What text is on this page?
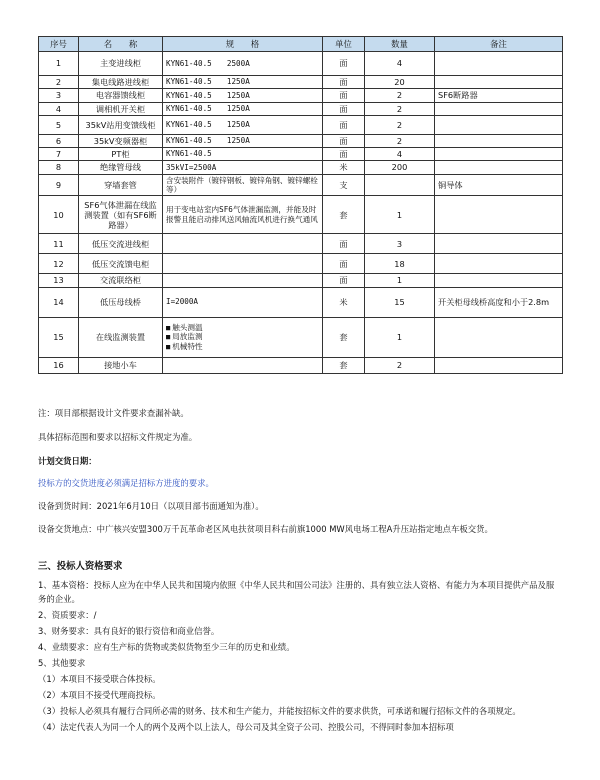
序号	名　　称	规　　格	单位	数量	备注
1	主变进线柜	KYN61-40.5　　2500A	面	4	
2	集电线路进线柜	KYN61-40.5　　1250A	面	20	
3	电容器馈线柜	KYN61-40.5　　1250A	面	2	SF6断路器
4	调相机开关柜	KYN61-40.5　　1250A	面	2	
5	35kV站用变馈线柜	KYN61-40.5　　1250A	面	2	
6	35kV变频器柜	KYN61-40.5　　1250A	面	2	
7	PT柜	KYN61-40.5	面	4	
8	绝缘管母线	35kVI=2500A	米	200	
9	穿墙套管	含安装附件（镀锌钢板、镀锌角钢、镀锌螺栓等）	支		铜导体
10	SF6气体泄漏在线监测装置（如有SF6断路器）	用于变电站室内SF6气体泄漏监测，并能及时报警且能启动排风送风轴流风机进行换气通风	套	1	
11	低压交流进线柜		面	3	
12	低压交流馈电柜		面	18	
13	交流联络柜		面	1	
14	低压母线桥	I=2000A	米	15	开关柜母线桥高度和小于2.8m
15	在线监测装置	■ 触头测温
■ 局放监测
■ 机械特性	套	1	
16	接地小车		套	2	
注：项目部根据设计文件要求查漏补缺。
具体招标范围和要求以招标文件规定为准。
计划交货日期：
投标方的交货进度必须满足招标方进度的要求。
设备到货时间：2021年6月10日（以项目部书面通知为准）。
设备交货地点：中广核兴安盟300万千瓦革命老区风电扶贫项目科右前旗1000 MW风电场工程A升压站指定地点车板交货。
三、投标人资格要求
1、基本资格：投标人应为在中华人民共和国境内依照《中华人民共和国公司法》注册的、具有独立法人资格、有能力为本项目提供产品及服务的企业。
2、资质要求：/
3、财务要求：具有良好的银行资信和商业信誉。
4、业绩要求：应有生产标的货物或类似货物至少三年的历史和业绩。
5、其他要求
（1）本项目不接受联合体投标。
（2）本项目不接受代理商投标。
（3）投标人必须具有履行合同所必需的财务、技术和生产能力，并能按招标文件的要求供货，可承诺和履行招标文件的各项规定。
（4）法定代表人为同一个人的两个及两个以上法人，母公司及其全资子公司、控股公司，不得同时参加本招标项
